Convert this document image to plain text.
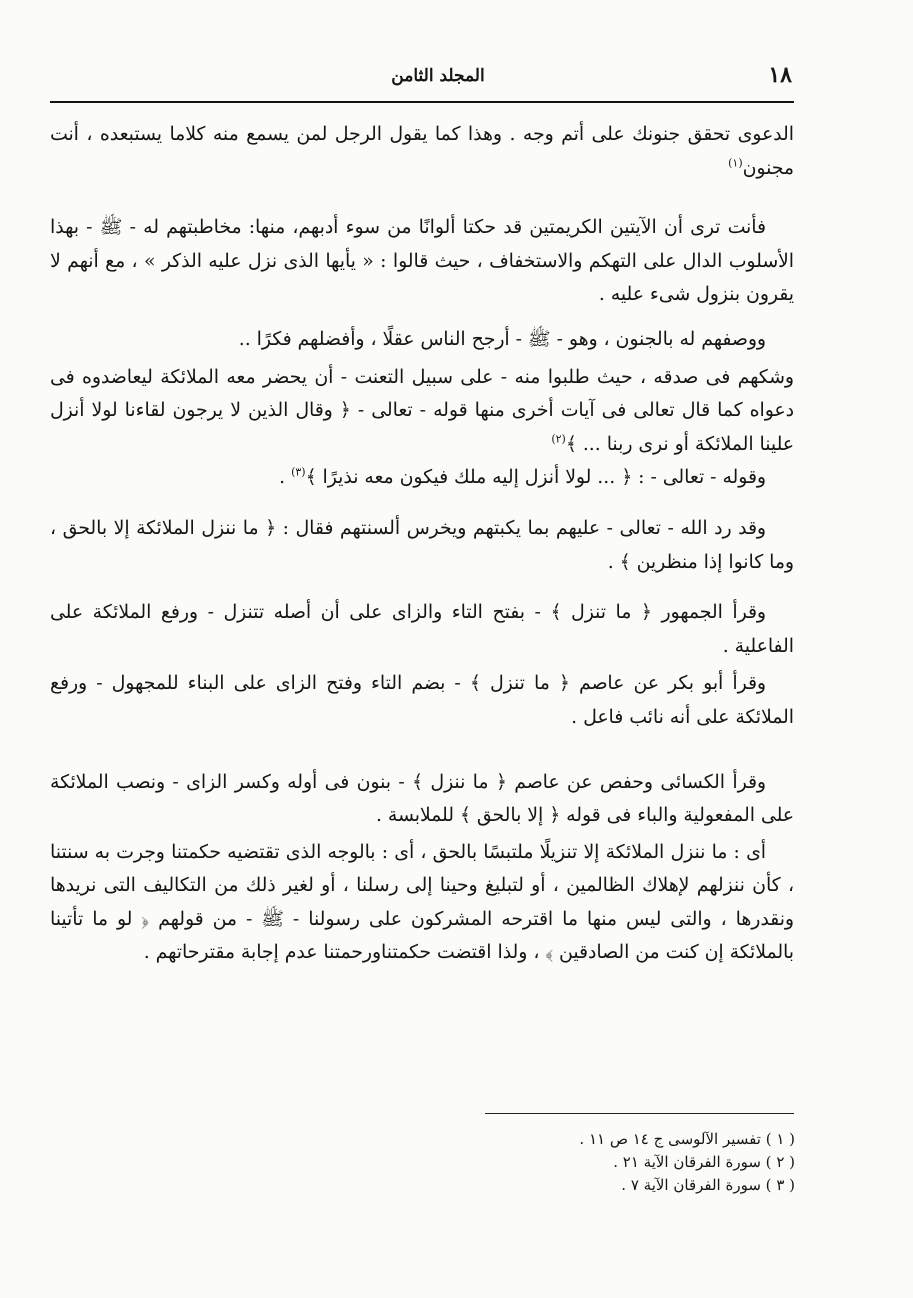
١٨
المجلد الثامن

الدعوى تحقق جنونك على أتم وجه . وهذا كما يقول الرجل لمن يسمع منه كلاما يستبعده ، أنت مجنون$^{(١)}$

فأنت ترى أن الآيتين الكريمتين قد حكتا ألوانًا من سوء أدبهم، منها: مخاطبتهم له - ﷺ - بهذا الأسلوب الدال على التهكم والاستخفاف ، حيث قالوا : « يأيها الذى نزل عليه الذكر » ، مع أنهم لا يقرون بنزول شىء عليه .

ووصفهم له بالجنون ، وهو - ﷺ - أرجح الناس عقلًا ، وأفضلهم فكرًا ..

وشكهم فى صدقه ، حيث طلبوا منه - على سبيل التعنت - أن يحضر معه الملائكة ليعاضدوه فى دعواه كما قال تعالى فى آيات أخرى منها قوله - تعالى - ﴿ وقال الذين لا يرجون لقاءنا لولا أنزل علينا الملائكة أو نرى ربنا ... ﴾$^{(٢)}$

وقوله - تعالى - : ﴿ ... لولا أنزل إليه ملك فيكون معه نذيرًا ﴾$^{(٣)}$ .

وقد رد الله - تعالى - عليهم بما يكبتهم ويخرس ألسنتهم فقال : ﴿ ما ننزل الملائكة إلا بالحق ، وما كانوا إذا منظرين ﴾ .

وقرأ الجمهور ﴿ ما تنزل ﴾ - بفتح التاء والزاى على أن أصله تتنزل - ورفع الملائكة على الفاعلية .

وقرأ أبو بكر عن عاصم ﴿ ما تنزل ﴾ - بضم التاء وفتح الزاى على البناء للمجهول - ورفع الملائكة على أنه نائب فاعل .

وقرأ الكسائى وحفص عن عاصم ﴿ ما ننزل ﴾ - بنون فى أوله وكسر الزاى - ونصب الملائكة على المفعولية والباء فى قوله ﴿ إلا بالحق ﴾ للملابسة .

أى : ما ننزل الملائكة إلا تنزيلًا ملتبسًا بالحق ، أى : بالوجه الذى تقتضيه حكمتنا وجرت به سنتنا ، كأن ننزلهم لإهلاك الظالمين ، أو لتبليغ وحينا إلى رسلنا ، أو لغير ذلك من التكاليف التى نريدها ونقدرها ، والتى ليس منها ما اقترحه المشركون على رسولنا - ﷺ - من قولهم ﴿ لو ما تأتينا بالملائكة إن كنت من الصادقين ﴾ ، ولذا اقتضت حكمتناورحمتنا عدم إجابة مقترحاتهم .

( ١ ) تفسير الآلوسى ج ١٤ ص ١١ .
( ٢ ) سورة الفرقان الآية ٢١ .
( ٣ ) سورة الفرقان الآية ٧ .
